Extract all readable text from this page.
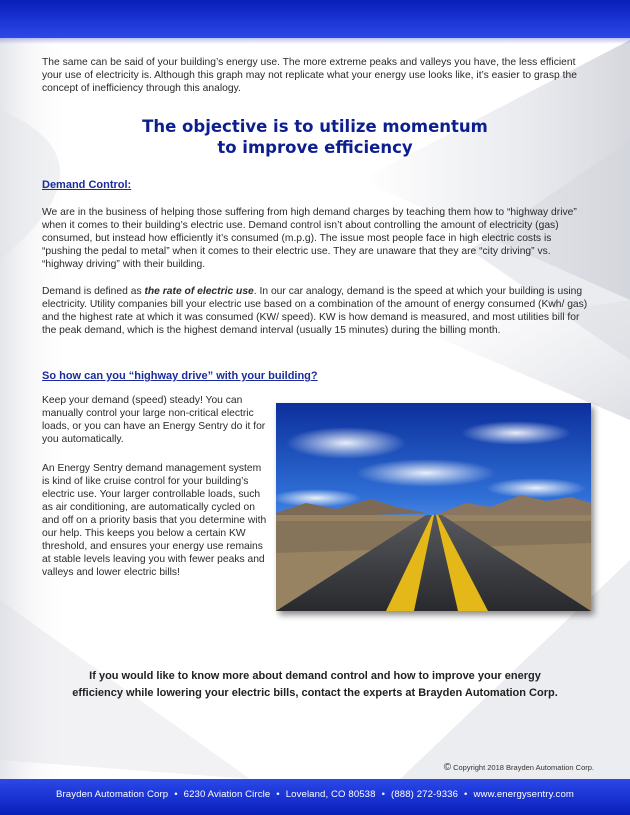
The same can be said of your building’s energy use. The more extreme peaks and valleys you have, the less efficient your use of electricity is. Although this graph may not replicate what your energy use looks like, it’s easier to grasp the concept of inefficiency through this analogy.

The objective is to utilize momentum
to improve efficiency
Demand Control:

We are in the business of helping those suffering from high demand charges by teaching them how to “highway drive” when it comes to their building’s electric use. Demand control isn’t about controlling the amount of electricity (gas) consumed, but instead how efficiently it’s consumed (m.p.g). The issue most people face in high electric costs is “pushing the pedal to metal” when it comes to their electric use. They are unaware that they are “city driving” vs. “highway driving” with their building.

Demand is defined as the rate of electric use. In our car analogy, demand is the speed at which your building is using electricity. Utility companies bill your electric use based on a combination of the amount of energy consumed (Kwh/ gas) and the highest rate at which it was consumed (KW/ speed). KW is how demand is measured, and most utilities bill for the peak demand, which is the highest demand interval (usually 15 minutes) during the billing month.

So how can you “highway drive” with your building?

Keep your demand (speed) steady! You can manually control your large non-critical electric loads, or you can have an Energy Sentry do it for you automatically.

An Energy Sentry demand management system is kind of like cruise control for your building’s electric use. Your larger controllable loads, such as air conditioning, are automatically cycled on and off on a priority basis that you determine with our help. This keeps you below a certain KW threshold, and ensures your energy use remains at stable levels leaving you with fewer peaks and valleys and lower electric bills!

If you would like to know more about demand control and how to improve your energy
efficiency while lowering your electric bills, contact the experts at Brayden Automation Corp.
© Copyright 2018 Brayden Automation Corp.
Brayden Automation Corp • 6230 Aviation Circle • Loveland, CO 80538 • (888) 272-9336 • www.energysentry.com
